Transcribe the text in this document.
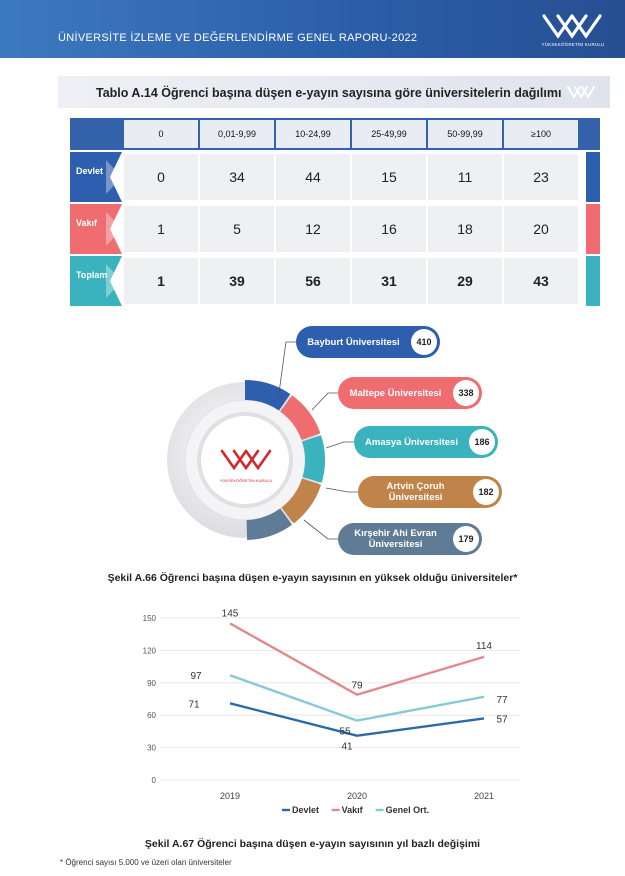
ÜNİVERSİTE İZLEME VE DEĞERLENDİRME GENEL RAPORU-2022
YÜKSEKÖĞRETİM KURULU
Tablo A.14 Öğrenci başına düşen e-yayın sayısına göre üniversitelerin dağılımı
0	0,01-9,99	10-24,99	25-49,99	50-99,99	≥100
Devlet	0	34	44	15	11	23
Vakıf	1	5	12	16	18	20
Toplam	1	39	56	31	29	43
YÜKSEKÖĞRETİM KURULU
Bayburt Üniversitesi	410
Maltepe Üniversitesi	338
Amasya Üniversitesi	186
Artvin Çoruh Üniversitesi	182
Kırşehir Ahi Evran Üniversitesi	179
Şekil A.66 Öğrenci başına düşen e-yayın sayısının en yüksek olduğu üniversiteler*
0
30
60
90
120
150
2019	2020	2021
71
41
57
145
79
114
97
55
77
Devlet	Vakıf	Genel Ort.
Şekil A.67 Öğrenci başına düşen e-yayın sayısının yıl bazlı değişimi
* Öğrenci sayısı 5.000 ve üzeri olan üniversiteler
